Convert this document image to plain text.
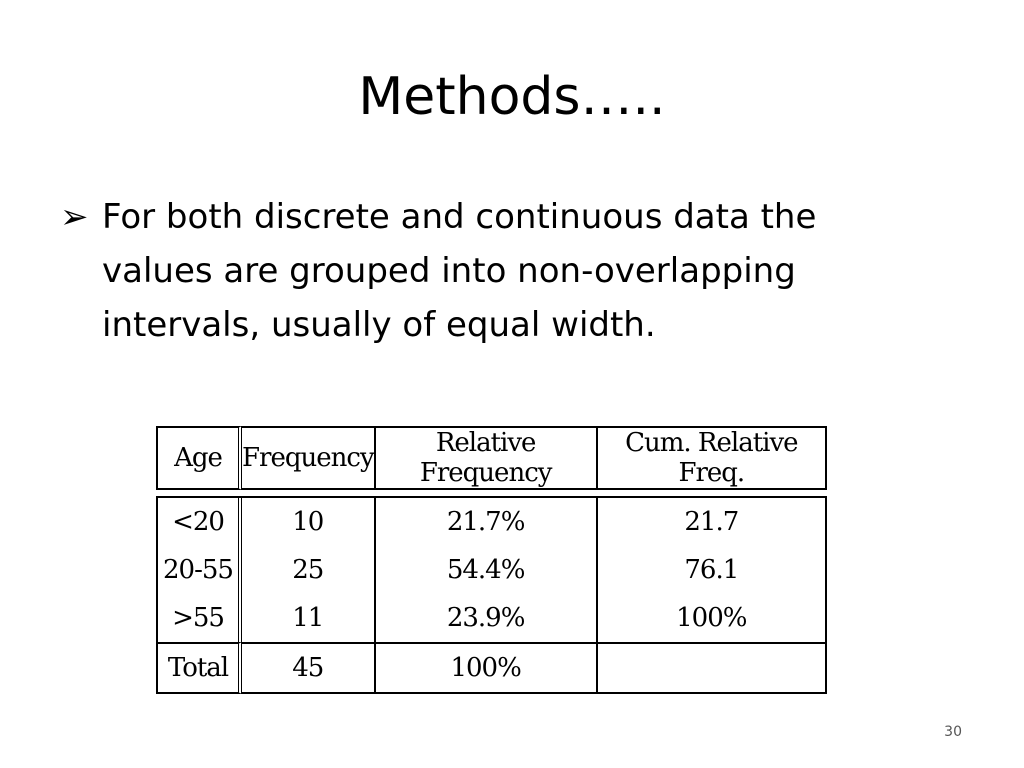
Methods…..
➢ For both discrete and continuous data the values are grouped into non-overlapping intervals, usually of equal width.
Age	Frequency	Relative Frequency	Cum. Relative Freq.

<20	10	21.7%	21.7
20-55	25	54.4%	76.1
>55	11	23.9%	100%
Total	45	100%	
30
